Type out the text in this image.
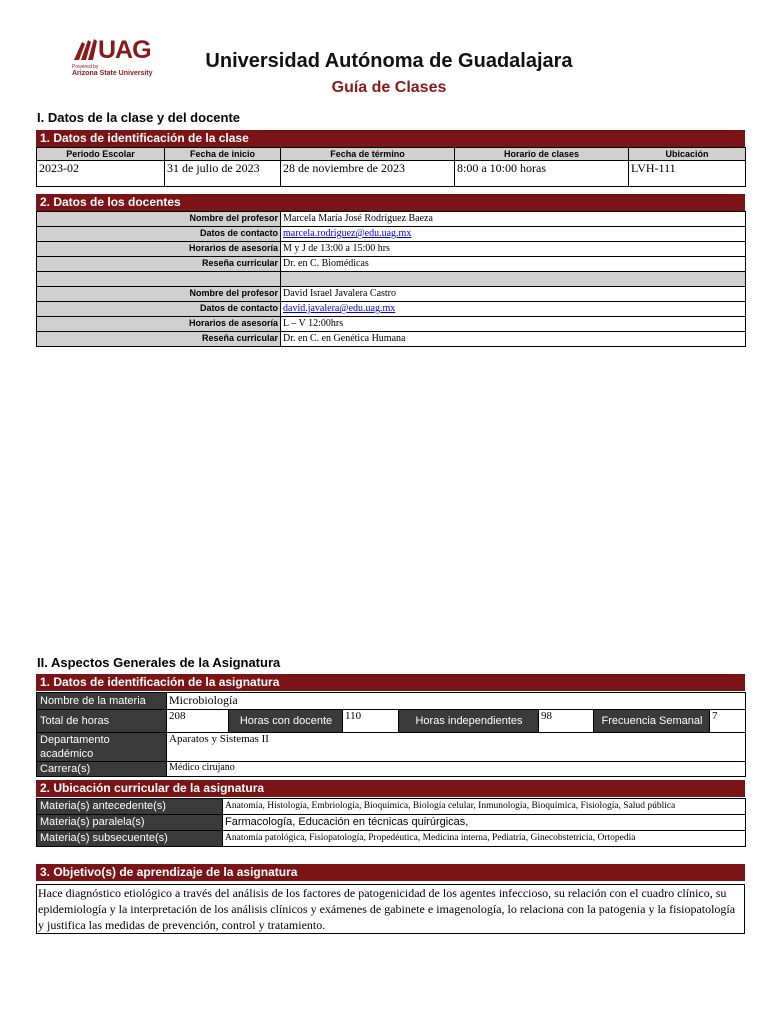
UAG
Powered by
Arizona State University
Universidad Autónoma de Guadalajara
Guía de Clases
I. Datos de la clase y del docente
1. Datos de identificación de la clase
Periodo Escolar	Fecha de inicio	Fecha de término	Horario de clases	Ubicación
2023-02	31 de julio de 2023	28 de noviembre de 2023	8:00 a 10:00 horas	LVH-111
2. Datos de los docentes
Nombre del profesor	Marcela María José Rodríguez Baeza
Datos de contacto	marcela.rodriguez@edu.uag.mx
Horarios de asesoría	M y J de 13:00 a 15:00 hrs
Reseña curricular	Dr. en C. Biomédicas

Nombre del profesor	David Israel Javalera Castro
Datos de contacto	david.javalera@edu.uag.mx
Horarios de asesoría	L – V 12:00hrs
Reseña curricular	Dr. en C. en Genética Humana
II. Aspectos Generales de la Asignatura
1. Datos de identificación de la asignatura
Nombre de la materia	Microbiología						
Total de horas	208	Horas con docente	110	Horas independientes	98	Frecuencia Semanal	7
Departamento académico	Aparatos y Sistemas II						
Carrera(s)	Médico cirujano						
2. Ubicación curricular de la asignatura
Materia(s) antecedente(s)	Anatomía, Histología, Embriología, Bioquímica, Biología celular, Inmunología, Bioquímica, Fisiología, Salud pública
Materia(s) paralela(s)	Farmacología, Educación en técnicas quirúrgicas,
Materia(s) subsecuente(s)	Anatomía patológica, Fisiopatología, Propedéutica, Medicina interna, Pediatría, Ginecobstetricia, Ortopedia
3. Objetivo(s) de aprendizaje de la asignatura
Hace diagnóstico etiológico a través del análisis de los factores de patogenicidad de los agentes infeccioso, su relación con el cuadro clínico, su epidemiología y la interpretación de los análisis clínicos y exámenes de gabinete e imagenología, lo relaciona con la patogenia y la fisiopatología y justifica las medidas de prevención, control y tratamiento.
